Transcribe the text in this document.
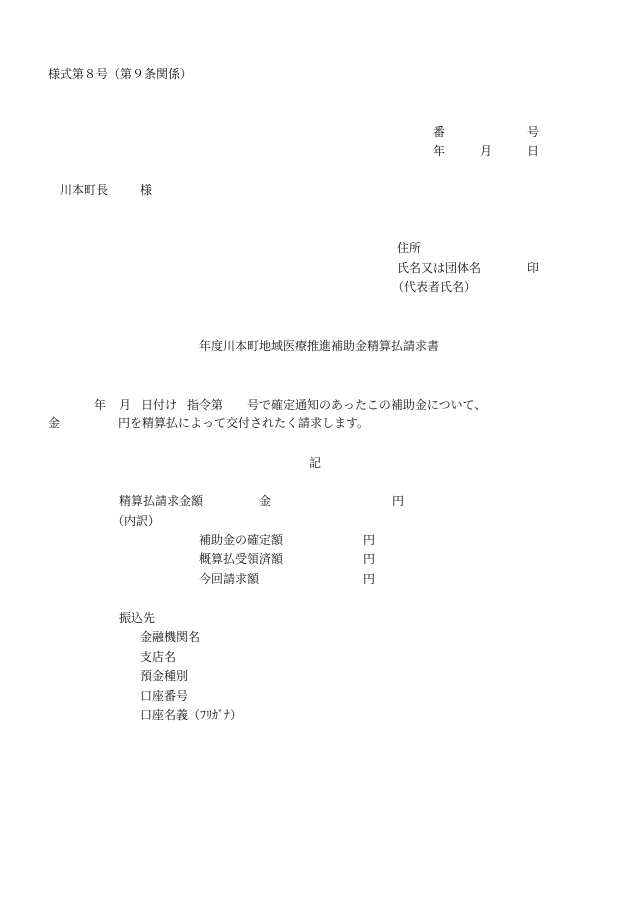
様式第８号（第９条関係）
番	号
年	月	日
川本町長	様
住所
氏名又は団体名	印
（代表者氏名）
年度川本町地域医療推進補助金精算払請求書
年 月 日付け 指令第 号で確定通知のあったこの補助金について、
金	円を精算払によって交付されたく請求します。
記
精算払請求金額	金	円
（内訳）
補助金の確定額	円
概算払受領済額	円
今回請求額	円
振込先
金融機関名
支店名
預金種別
口座番号
口座名義（ﾌﾘｶﾞﾅ）
